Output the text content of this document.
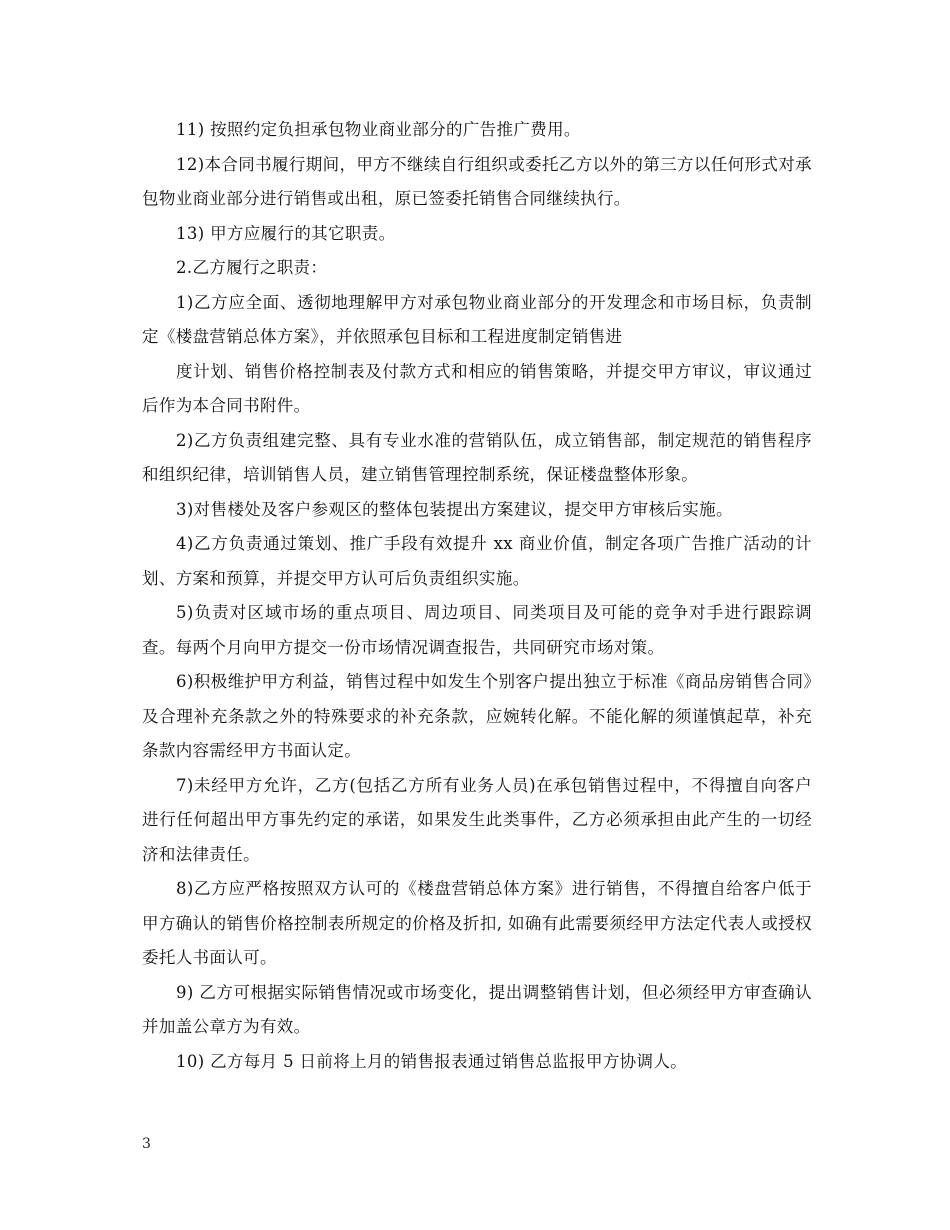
11) 按照约定负担承包物业商业部分的广告推广费用。

12)本合同书履行期间，甲方不继续自行组织或委托乙方以外的第三方以任何形式对承包物业商业部分进行销售或出租，原已签委托销售合同继续执行。

13) 甲方应履行的其它职责。

2.乙方履行之职责：

1)乙方应全面、透彻地理解甲方对承包物业商业部分的开发理念和市场目标，负责制定《楼盘营销总体方案》，并依照承包目标和工程进度制定销售进

度计划、销售价格控制表及付款方式和相应的销售策略，并提交甲方审议，审议通过后作为本合同书附件。

2)乙方负责组建完整、具有专业水准的营销队伍，成立销售部，制定规范的销售程序和组织纪律，培训销售人员，建立销售管理控制系统，保证楼盘整体形象。

3)对售楼处及客户参观区的整体包装提出方案建议，提交甲方审核后实施。

4)乙方负责通过策划、推广手段有效提升 xx 商业价值，制定各项广告推广活动的计划、方案和预算，并提交甲方认可后负责组织实施。

5)负责对区域市场的重点项目、周边项目、同类项目及可能的竞争对手进行跟踪调查。每两个月向甲方提交一份市场情况调查报告，共同研究市场对策。

6)积极维护甲方利益，销售过程中如发生个别客户提出独立于标准《商品房销售合同》及合理补充条款之外的特殊要求的补充条款，应婉转化解。不能化解的须谨慎起草，补充条款内容需经甲方书面认定。

7)未经甲方允许，乙方(包括乙方所有业务人员)在承包销售过程中，不得擅自向客户进行任何超出甲方事先约定的承诺，如果发生此类事件，乙方必须承担由此产生的一切经济和法律责任。

8)乙方应严格按照双方认可的《楼盘营销总体方案》进行销售，不得擅自给客户低于甲方确认的销售价格控制表所规定的价格及折扣, 如确有此需要须经甲方法定代表人或授权委托人书面认可。

9) 乙方可根据实际销售情况或市场变化，提出调整销售计划，但必须经甲方审查确认并加盖公章方为有效。

10) 乙方每月 5 日前将上月的销售报表通过销售总监报甲方协调人。

3
